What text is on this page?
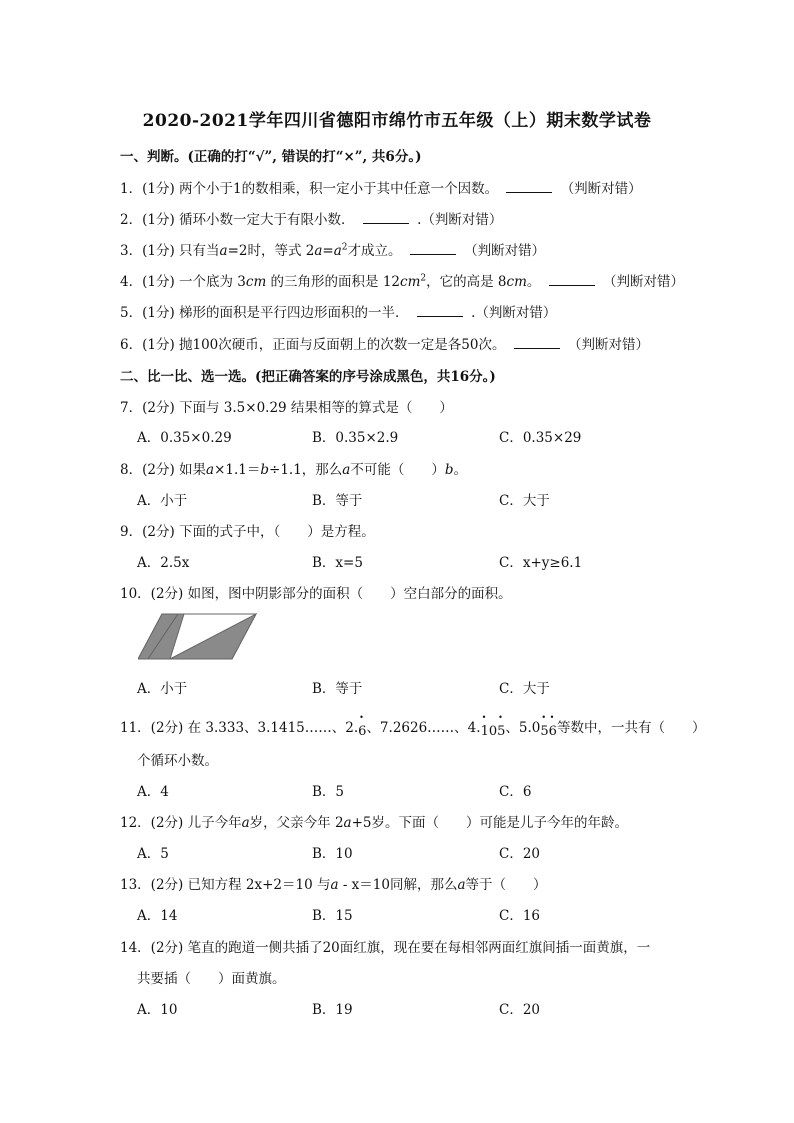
2020-2021学年四川省德阳市绵竹市五年级（上）期末数学试卷
一、判断。(正确的打“√”, 错误的打“×”, 共6分。)
1．(1分) 两个小于1的数相乘，积一定小于其中任意一个因数。	（判断对错）
2．(1分) 循环小数一定大于有限小数．	.（判断对错）
3．(1分) 只有当a=2时，等式 $2a=a^2$才成立。	（判断对错）
4．(1分) 一个底为 3cm 的三角形的面积是 $12cm^2$，它的高是 8cm。	（判断对错）
5．(1分) 梯形的面积是平行四边形面积的一半．	.（判断对错）
6．(1分) 抛100次硬币，正面与反面朝上的次数一定是各50次。	（判断对错）
二、比一比、选一选。(把正确答案的序号涂成黑色，共16分。)
7．(2分) 下面与 3.5×0.29 结果相等的算式是（　　）
A．0.35×0.29	B．0.35×2.9	C．0.35×29
8．(2分) 如果a×1.1＝b÷1.1，那么a不可能（　　）b。
A．小于	B．等于	C．大于
9．(2分) 下面的式子中，（　　）是方程。
A．2.5x	B．x=5	C．x+y≥6.1
10．(2分) 如图，图中阴影部分的面积（　　）空白部分的面积。
A．小于	B．等于	C．大于
11．(2分) 在 3.333、3.1415……、2.• 6、7.2626……、4.• 10• 5、5.0• 5• 6等数中，一共有（　　）
个循环小数。
A．4	B．5	C．6
12．(2分) 儿子今年a岁，父亲今年 2a+5岁。下面（　　）可能是儿子今年的年龄。
A．5	B．10	C．20
13．(2分) 已知方程 2x+2＝10 与a - x＝10同解，那么a等于（　　）
A．14	B．15	C．16
14．(2分) 笔直的跑道一侧共插了20面红旗，现在要在每相邻两面红旗间插一面黄旗，一
共要插（　　）面黄旗。
A．10	B．19	C．20
